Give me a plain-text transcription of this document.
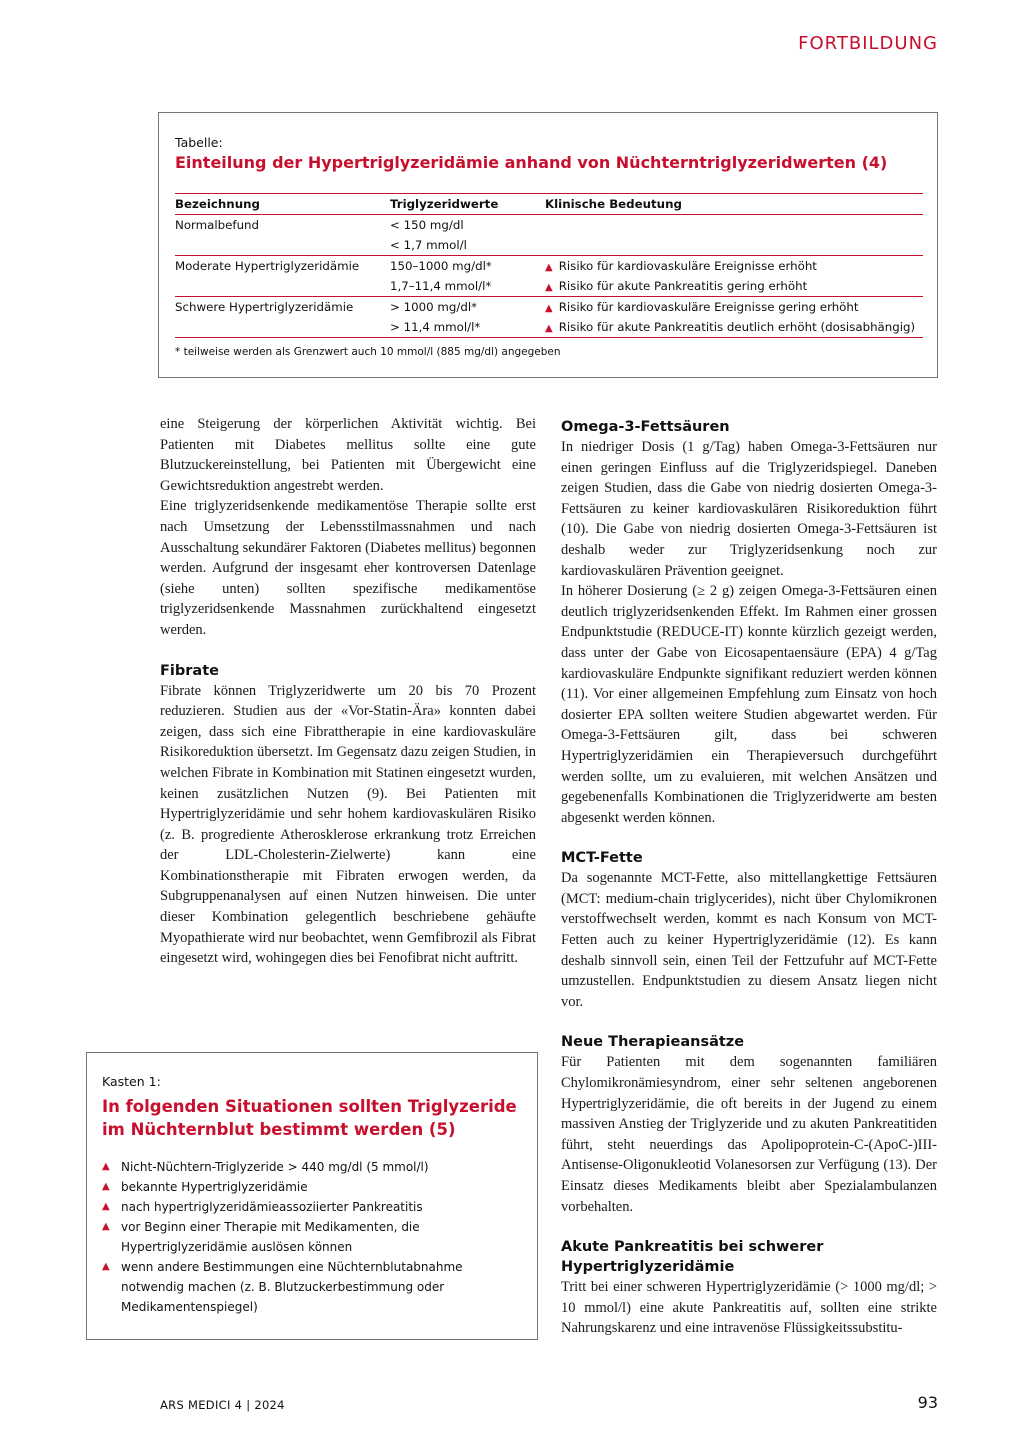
FORTBILDUNG
Tabelle:
Einteilung der Hypertriglyzeridämie anhand von Nüchterntriglyzeridwerten (4)
Bezeichnung	Triglyzeridwerte	Klinische Bedeutung
Normalbefund	< 150 mg/dl	
	< 1,7 mmol/l	
Moderate Hypertriglyzeridämie	150–1000 mg/dl*	▲ Risiko für kardiovaskuläre Ereignisse erhöht
	1,7–11,4 mmol/l*	▲ Risiko für akute Pankreatitis gering erhöht
Schwere Hypertriglyzeridämie	> 1000 mg/dl*	▲ Risiko für kardiovaskuläre Ereignisse gering erhöht
	> 11,4 mmol/l*	▲ Risiko für akute Pankreatitis deutlich erhöht (dosisabhängig)
* teilweise werden als Grenzwert auch 10 mmol/l (885 mg/dl) angegeben

eine Steigerung der körperlichen Aktivität wichtig. Bei Patienten mit Diabetes mellitus sollte eine gute Blutzuckereinstellung, bei Patienten mit Übergewicht eine Gewichtsreduktion angestrebt werden.

Eine triglyzeridsenkende medikamentöse Therapie sollte erst nach Umsetzung der Lebensstilmassnahmen und nach Ausschaltung sekundärer Faktoren (Diabetes mellitus) begonnen werden. Aufgrund der insgesamt eher kontroversen Datenlage (siehe unten) sollten spezifische medikamentöse triglyzeridsenkende Massnahmen zurückhaltend eingesetzt werden.

Fibrate

Fibrate können Triglyzeridwerte um 20 bis 70 Prozent reduzieren. Studien aus der «Vor-Statin-Ära» konnten dabei zeigen, dass sich eine Fibrattherapie in eine kardiovaskuläre Risikoreduktion übersetzt. Im Gegensatz dazu zeigen Studien, in welchen Fibrate in Kombination mit Statinen eingesetzt wurden, keinen zusätzlichen Nutzen (9). Bei Patienten mit Hypertriglyzeridämie und sehr hohem kardiovaskulären Risiko (z. B. progrediente Atherosklerose erkrankung trotz Erreichen der LDL-Cholesterin-Zielwerte) kann eine Kombinationstherapie mit Fibraten erwogen werden, da Subgruppenanalysen auf einen Nutzen hinweisen. Die unter dieser Kombination gelegentlich beschriebene gehäufte Myopathierate wird nur beobachtet, wenn Gemfibrozil als Fibrat eingesetzt wird, wohingegen dies bei Fenofibrat nicht auftritt.

Omega-3-Fettsäuren

In niedriger Dosis (1 g/Tag) haben Omega-3-Fettsäuren nur einen geringen Einfluss auf die Triglyzeridspiegel. Daneben zeigen Studien, dass die Gabe von niedrig dosierten Omega-3-Fettsäuren zu keiner kardiovaskulären Risikoreduktion führt (10). Die Gabe von niedrig dosierten Omega-3-Fettsäuren ist deshalb weder zur Triglyzeridsenkung noch zur kardiovaskulären Prävention geeignet.

In höherer Dosierung (≥ 2 g) zeigen Omega-3-Fettsäuren einen deutlich triglyzeridsenkenden Effekt. Im Rahmen einer grossen Endpunktstudie (REDUCE-IT) konnte kürzlich gezeigt werden, dass unter der Gabe von Eicosapentaensäure (EPA) 4 g/Tag kardiovaskuläre Endpunkte signifikant reduziert werden können (11). Vor einer allgemeinen Empfehlung zum Einsatz von hoch dosierter EPA sollten weitere Studien abgewartet werden. Für Omega-3-Fettsäuren gilt, dass bei schweren Hypertriglyzeridämien ein Therapieversuch durchgeführt werden sollte, um zu evaluieren, mit welchen Ansätzen und gegebenenfalls Kombinationen die Triglyzeridwerte am besten abgesenkt werden können.

MCT-Fette

Da sogenannte MCT-Fette, also mittellangkettige Fettsäuren (MCT: medium-chain triglycerides), nicht über Chylomikronen verstoffwechselt werden, kommt es nach Konsum von MCT-Fetten auch zu keiner Hypertriglyzeridämie (12). Es kann deshalb sinnvoll sein, einen Teil der Fettzufuhr auf MCT-Fette umzustellen. Endpunktstudien zu diesem Ansatz liegen nicht vor.

Neue Therapieansätze

Für Patienten mit dem sogenannten familiären Chylomikronämiesyndrom, einer sehr seltenen angeborenen Hypertriglyzeridämie, die oft bereits in der Jugend zu einem massiven Anstieg der Triglyzeride und zu akuten Pankreatitiden führt, steht neuerdings das Apolipoprotein-C-(ApoC-)III-Antisense-Oligonukleotid Volanesorsen zur Verfügung (13). Der Einsatz dieses Medikaments bleibt aber Spezialambulanzen vorbehalten.

Akute Pankreatitis bei schwerer Hypertriglyzeridämie

Tritt bei einer schweren Hypertriglyzeridämie (> 1000 mg/dl; > 10 mmol/l) eine akute Pankreatitis auf, sollten eine strikte Nahrungskarenz und eine intravenöse Flüssigkeitssubstitu-

Kasten 1:
In folgenden Situationen sollten Triglyzeride im Nüchternblut bestimmt werden (5)
▲ Nicht-Nüchtern-Triglyzeride > 440 mg/dl (5 mmol/l)
▲ bekannte Hypertriglyzeridämie
▲ nach hypertriglyzeridämieassoziierter Pankreatitis
▲ vor Beginn einer Therapie mit Medikamenten, die Hypertriglyzeridämie auslösen können
▲ wenn andere Bestimmungen eine Nüchternblutabnahme notwendig machen (z. B. Blutzuckerbestimmung oder Medikamentenspiegel)
ARS MEDICI 4 | 2024	93
